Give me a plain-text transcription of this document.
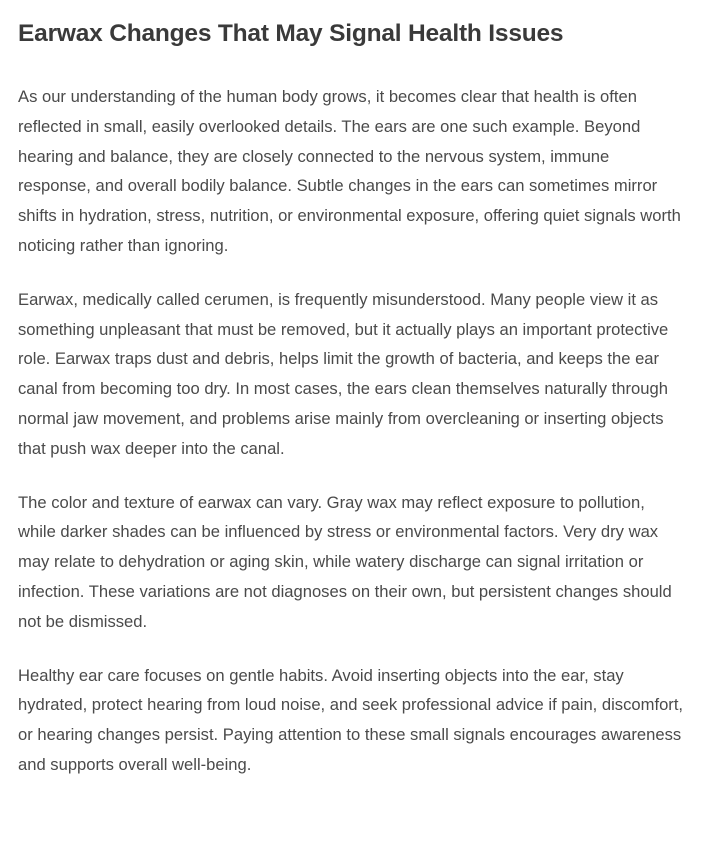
Earwax Changes That May Signal Health Issues

As our understanding of the human body grows, it becomes clear that health is often reflected in small, easily overlooked details. The ears are one such example. Beyond hearing and balance, they are closely connected to the nervous system, immune response, and overall bodily balance. Subtle changes in the ears can sometimes mirror shifts in hydration, stress, nutrition, or environmental exposure, offering quiet signals worth noticing rather than ignoring.

Earwax, medically called cerumen, is frequently misunderstood. Many people view it as something unpleasant that must be removed, but it actually plays an important protective role. Earwax traps dust and debris, helps limit the growth of bacteria, and keeps the ear canal from becoming too dry. In most cases, the ears clean themselves naturally through normal jaw movement, and problems arise mainly from overcleaning or inserting objects that push wax deeper into the canal.

The color and texture of earwax can vary. Gray wax may reflect exposure to pollution, while darker shades can be influenced by stress or environmental factors. Very dry wax may relate to dehydration or aging skin, while watery discharge can signal irritation or infection. These variations are not diagnoses on their own, but persistent changes should not be dismissed.

Healthy ear care focuses on gentle habits. Avoid inserting objects into the ear, stay hydrated, protect hearing from loud noise, and seek professional advice if pain, discomfort, or hearing changes persist. Paying attention to these small signals encourages awareness and supports overall well-being.
